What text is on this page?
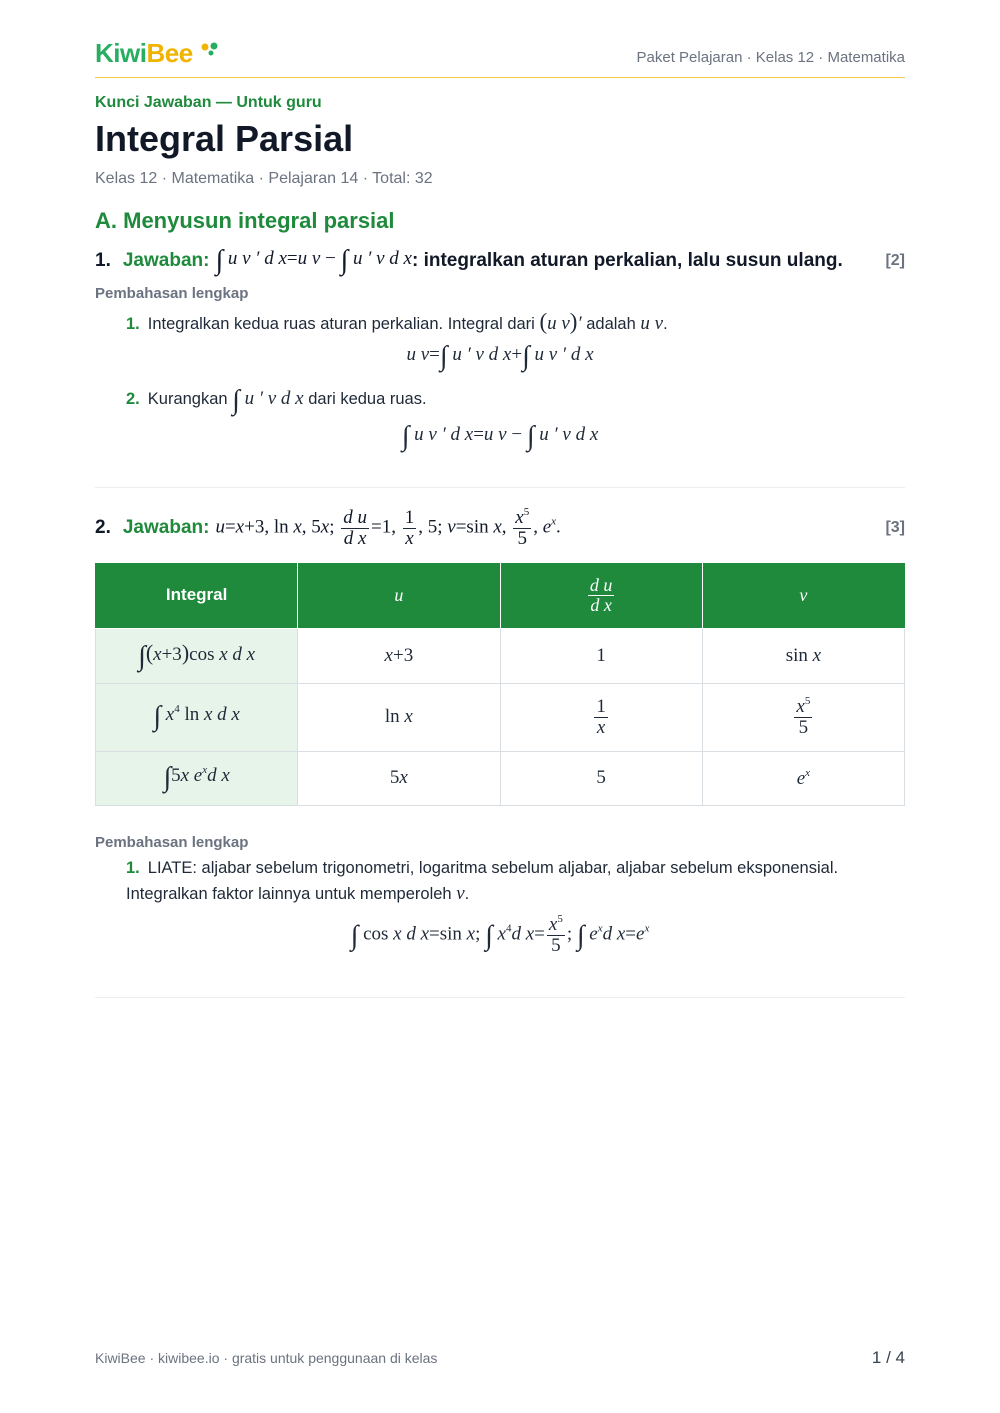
KiwiBee	Paket Pelajaran · Kelas 12 · Matematika
Kunci Jawaban — Untuk guru
Integral Parsial
Kelas 12 · Matematika · Pelajaran 14 · Total: 32
A. Menyusun integral parsial
1. Jawaban: ∫ u v ′ d x=u v − ∫ u ′ v d x : integralkan aturan perkalian, lalu susun ulang.	[2]
Pembahasan lengkap
1. Integralkan kedua ruas aturan perkalian. Integral dari (u v)′ adalah u v.
u v=∫ u ′ v d x+∫ u v ′ d x
2. Kurangkan ∫ u ′ v d x dari kedua ruas.
∫ u v ′ d x=u v − ∫ u ′ v d x
2. Jawaban: u=x+3, ln x, 5x; $\frac{\text{d u}}{\text{d x}} =1$, $\frac{1}{x}$ , 5; v=sin x, $\frac{x^5}{5}$ , $e^x$.	[3]
Integral	u	$\frac{\text{d u}}{\text{d x}}$	v
∫(x+3)cos x d x	x+3	1	sin x
∫ $x^4$ ln x d x	ln x	$\frac{1}{x}$	$\frac{x^5}{5}$

∫5x $e^xd$ x	5x	5	$e^x$
Pembahasan lengkap
1. LIATE: aljabar sebelum trigonometri, logaritma sebelum aljabar, aljabar sebelum eksponensial.
Integralkan faktor lainnya untuk memperoleh v.
∫ cos x d x=sin x; ∫ $x^4d$ $x= \frac{x^5}{5}$ ; ∫ $e^xd$ $x=e^x$
KiwiBee · kiwibee.io · gratis untuk penggunaan di kelas	1 / 4
